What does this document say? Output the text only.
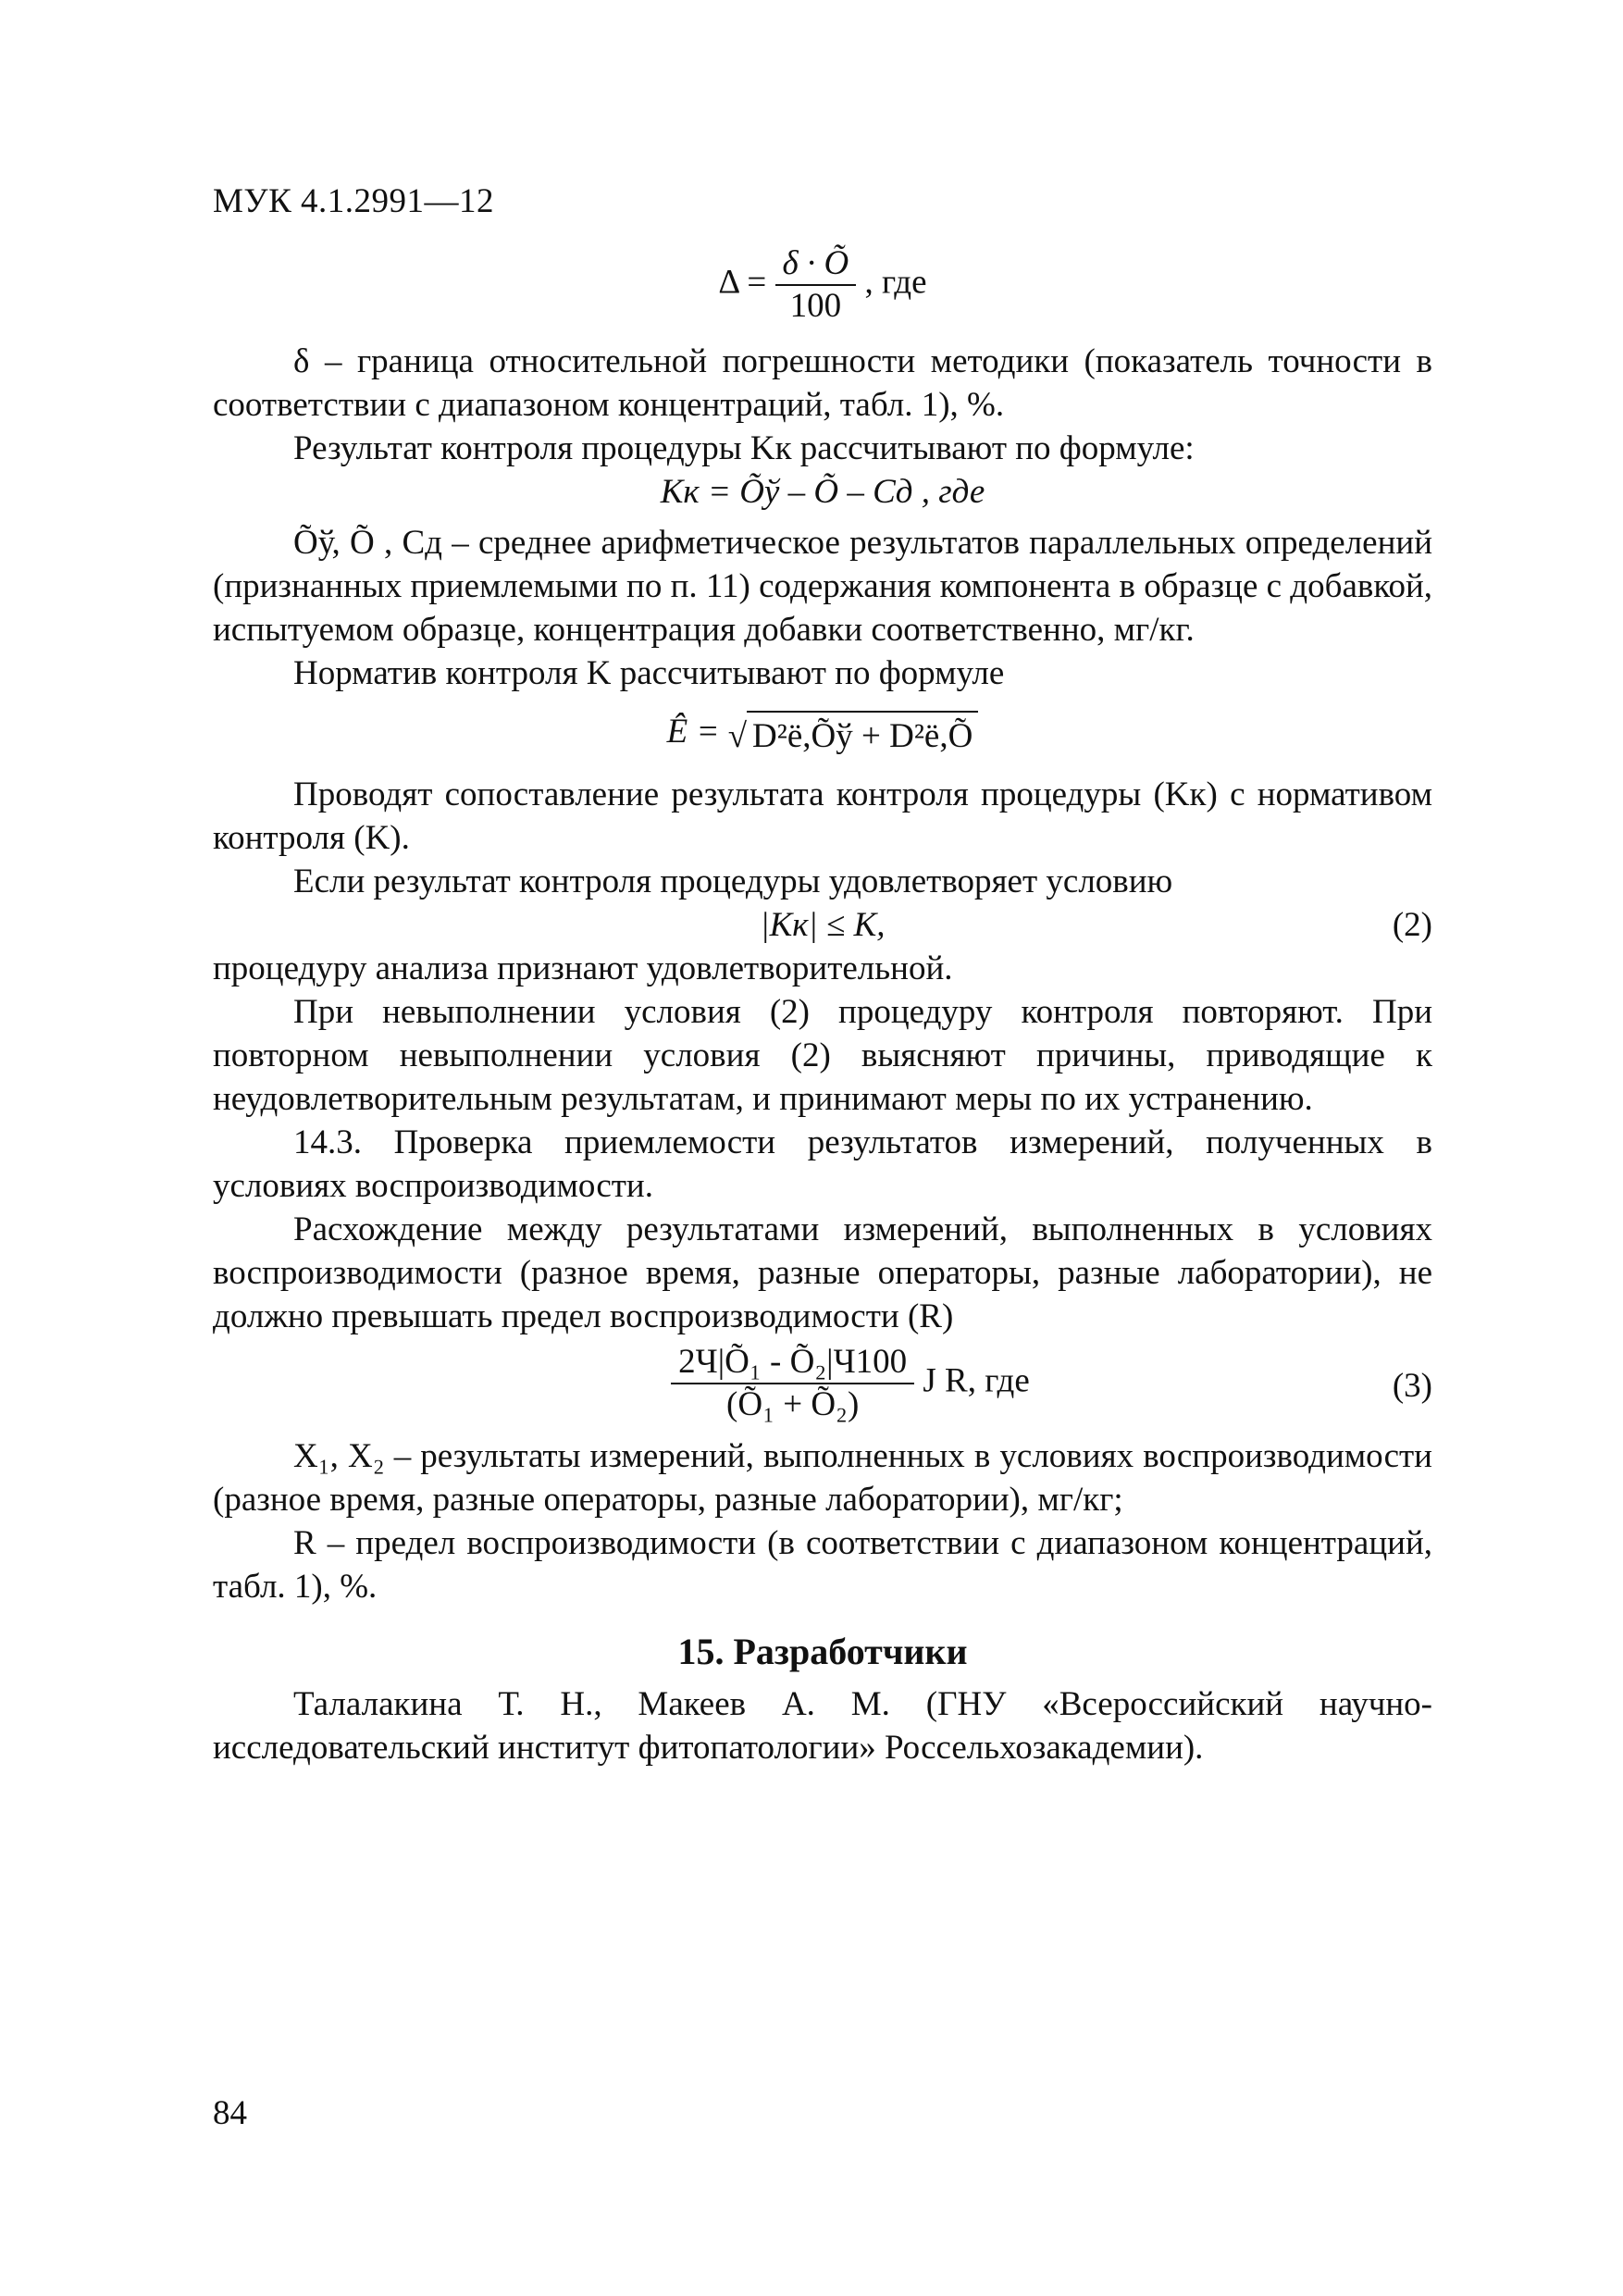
МУК 4.1.2991—12
$\Delta = \frac{\delta \cdot Õ}{100}$ , где

δ – граница относительной погрешности методики (показатель точности в соответствии с диапазоном концентраций, табл. 1), %.

Результат контроля процедуры Kк рассчитывают по формуле:

Kк = Õў – Õ – Cд , где

Õў, Õ , Cд – среднее арифметическое результатов параллельных определений (признанных приемлемыми по п. 11) содержания компонента в образце с добавкой, испытуемом образце, концентрация добавки соответственно, мг/кг.

Норматив контроля K рассчитывают по формуле

Ê = √ D²ë,Õў + D²ë,Õ

Проводят сопоставление результата контроля процедуры (Kк) с нормативом контроля (K).

Если результат контроля процедуры удовлетворяет условию

|Kк| ≤ K,	(2)

процедуру анализа признают удовлетворительной.

При невыполнении условия (2) процедуру контроля повторяют. При повторном невыполнении условия (2) выясняют причины, приводящие к неудовлетворительным результатам, и принимают меры по их устранению.

14.3. Проверка приемлемости результатов измерений, полученных в условиях воспроизводимости.

Расхождение между результатами измерений, выполненных в условиях воспроизводимости (разное время, разные операторы, разные лаборатории), не должно превышать предел воспроизводимости (R)

$\frac{\text{2Ч|Õ₁ - Õ₂|Ч100}}{\text{(Õ₁ + Õ₂)}}$ J R, где	(3)

X₁, X₂ – результаты измерений, выполненных в условиях воспроизводимости (разное время, разные операторы, разные лаборатории), мг/кг;

R – предел воспроизводимости (в соответствии с диапазоном концентраций, табл. 1), %.

15. Разработчики

Талалакина Т. Н., Макеев А. М. (ГНУ «Всероссийский научно-исследовательский институт фитопатологии» Россельхозакадемии).

84
